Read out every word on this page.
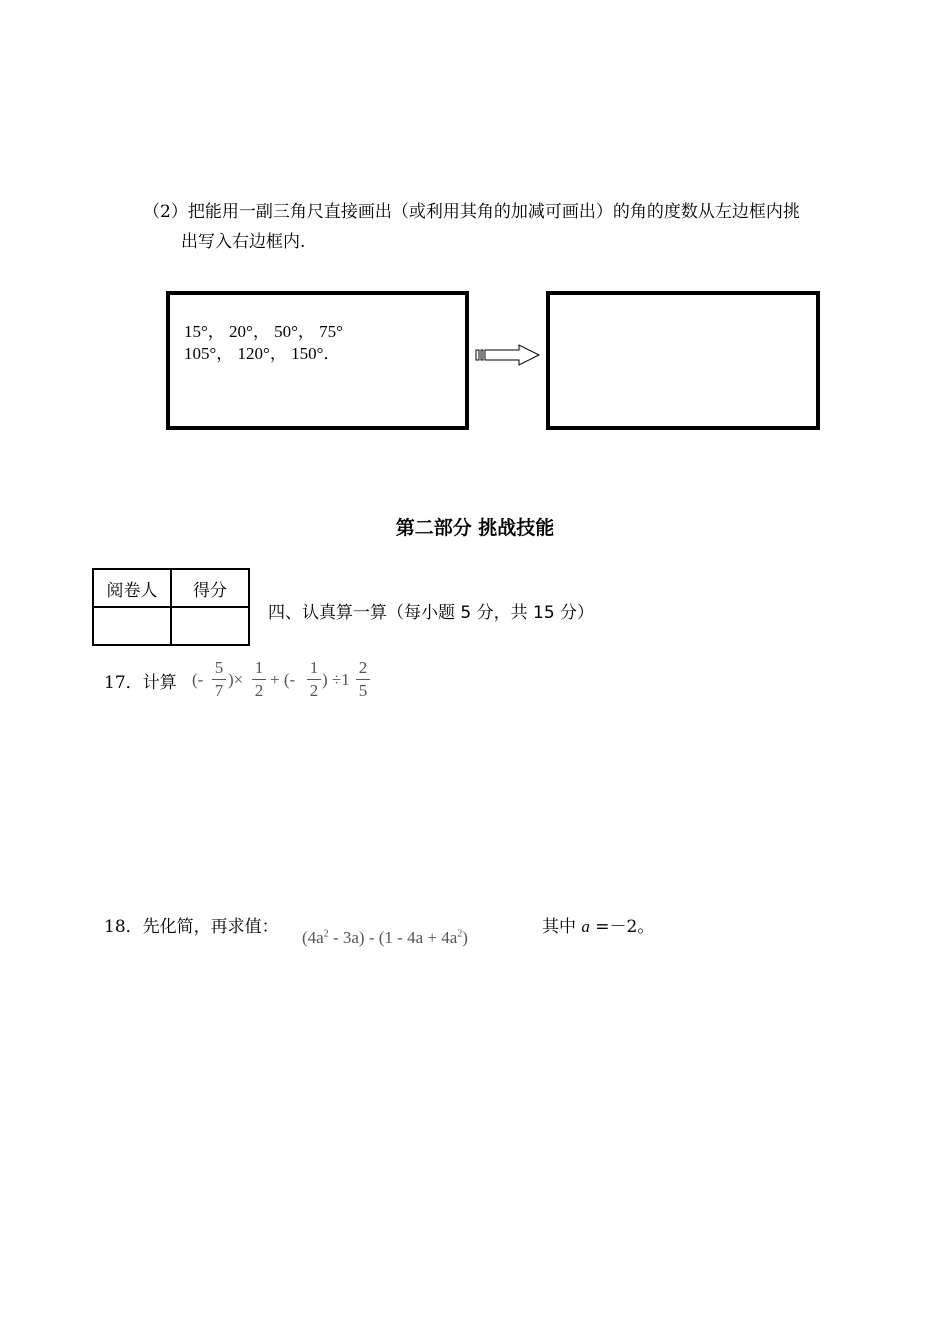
（2）把能用一副三角尺直接画出（或利用其角的加减可画出）的角的度数从左边框内挑
出写入右边框内.
15°， 20°， 50°， 75°
105°， 120°， 150°．
第二部分 挑战技能
阅卷人	得分

四、认真算一算（每小题 5 分，共 15 分）
17．计算 (-
5
7
)×
1
2
+ (-
1
2
) ÷1
2
5
18．先化简，再求值：
$(4a^2 - 3a) - (1 - 4a + 4a^2)$
其中 a =－2。
